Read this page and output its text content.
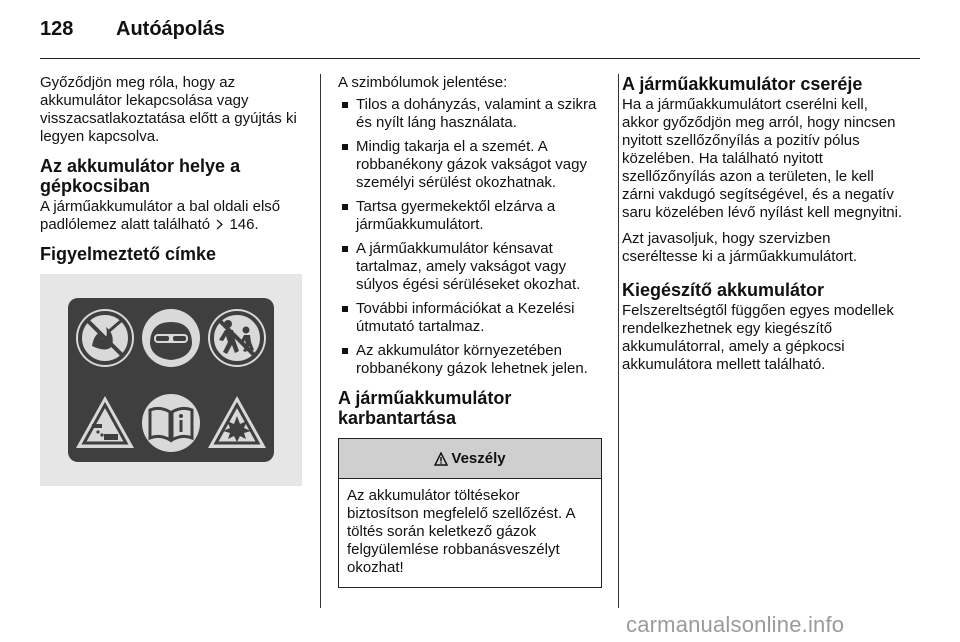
128 Autóápolás

Győződjön meg róla, hogy az akkumulátor lekapcsolása vagy visszacsatlakoztatása előtt a gyújtás ki legyen kapcsolva.

Az akkumulátor helye a gépkocsiban

A járműakkumulátor a bal oldali első padlólemez alatt található 146.

Figyelmeztető címke

A szimbólumok jelentése:

Tilos a dohányzás, valamint a szikra és nyílt láng használata.
Mindig takarja el a szemét. A robbanékony gázok vakságot vagy személyi sérülést okozhatnak.
Tartsa gyermekektől elzárva a járműakkumulátort.
A járműakkumulátor kénsavat tartalmaz, amely vakságot vagy súlyos égési sérüléseket okozhat.
További információkat a Kezelési útmutató tartalmaz.
Az akkumulátor környezetében robbanékony gázok lehetnek jelen.
A járműakkumulátor karbantartása
Veszély
Az akkumulátor töltésekor biztosítson megfelelő szellőzést. A töltés során keletkező gázok felgyülemlése robbanásveszélyt okozhat!
A járműakkumulátor cseréje

Ha a járműakkumulátort cserélni kell, akkor győződjön meg arról, hogy nincsen nyitott szellőzőnyílás a pozitív pólus közelében. Ha található nyitott szellőzőnyílás azon a területen, le kell zárni vakdugó segítségével, és a negatív saru közelében lévő nyílást kell megnyitni.

Azt javasoljuk, hogy szervizben cseréltesse ki a járműakkumulátort.

Kiegészítő akkumulátor

Felszereltségtől függően egyes modellek rendelkezhetnek egy kiegészítő akkumulátorral, amely a gépkocsi akkumulátora mellett található.

carmanualsonline.info
